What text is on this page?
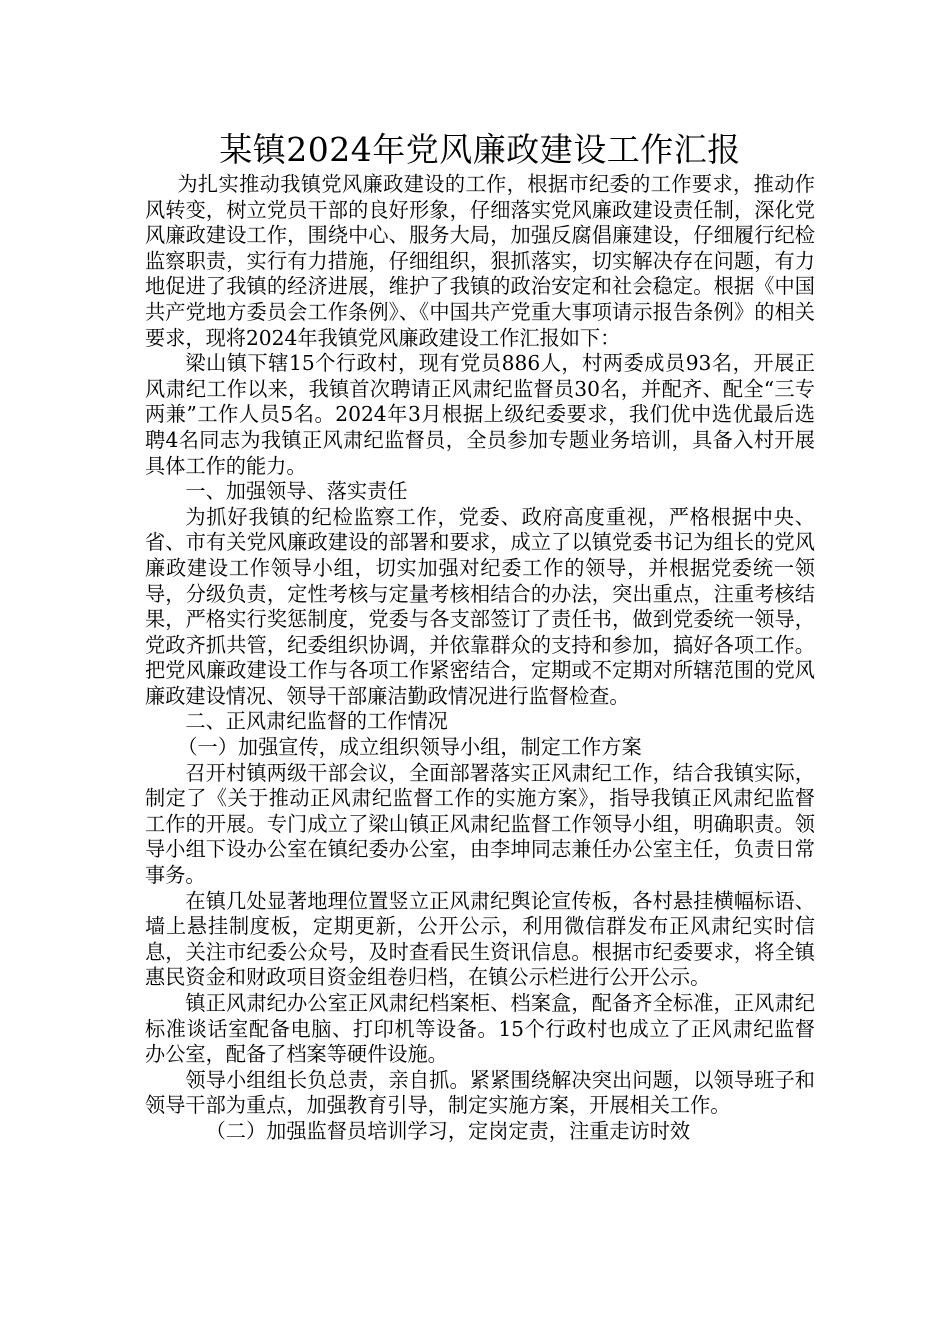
某镇2024年党风廉政建设工作汇报

为扎实推动我镇党风廉政建设的工作，根据市纪委的工作要求，推动作风转变，树立党员干部的良好形象，仔细落实党风廉政建设责任制，深化党风廉政建设工作，围绕中心、服务大局，加强反腐倡廉建设，仔细履行纪检监察职责，实行有力措施，仔细组织，狠抓落实，切实解决存在问题，有力地促进了我镇的经济进展，维护了我镇的政治安定和社会稳定。根据《中国共产党地方委员会工作条例》、《中国共产党重大事项请示报告条例》的相关要求，现将2024年我镇党风廉政建设工作汇报如下：

梁山镇下辖15个行政村，现有党员886人，村两委成员93名，开展正风肃纪工作以来，我镇首次聘请正风肃纪监督员30名，并配齐、配全“三专两兼”工作人员5名。2024年3月根据上级纪委要求，我们优中选优最后选聘4名同志为我镇正风肃纪监督员，全员参加专题业务培训，具备入村开展具体工作的能力。

一、加强领导、落实责任

为抓好我镇的纪检监察工作，党委、政府高度重视，严格根据中央、省、市有关党风廉政建设的部署和要求，成立了以镇党委书记为组长的党风廉政建设工作领导小组，切实加强对纪委工作的领导，并根据党委统一领导，分级负责，定性考核与定量考核相结合的办法，突出重点，注重考核结果，严格实行奖惩制度，党委与各支部签订了责任书，做到党委统一领导，党政齐抓共管，纪委组织协调，并依靠群众的支持和参加，搞好各项工作。把党风廉政建设工作与各项工作紧密结合，定期或不定期对所辖范围的党风廉政建设情况、领导干部廉洁勤政情况进行监督检查。

二、正风肃纪监督的工作情况

（一）加强宣传，成立组织领导小组，制定工作方案

召开村镇两级干部会议，全面部署落实正风肃纪工作，结合我镇实际，制定了《关于推动正风肃纪监督工作的实施方案》，指导我镇正风肃纪监督工作的开展。专门成立了梁山镇正风肃纪监督工作领导小组，明确职责。领导小组下设办公室在镇纪委办公室，由李坤同志兼任办公室主任，负责日常事务。

在镇几处显著地理位置竖立正风肃纪舆论宣传板，各村悬挂横幅标语、墙上悬挂制度板，定期更新，公开公示，利用微信群发布正风肃纪实时信息，关注市纪委公众号，及时查看民生资讯信息。根据市纪委要求，将全镇惠民资金和财政项目资金组卷归档，在镇公示栏进行公开公示。

镇正风肃纪办公室正风肃纪档案柜、档案盒，配备齐全标准，正风肃纪标准谈话室配备电脑、打印机等设备。15个行政村也成立了正风肃纪监督办公室，配备了档案等硬件设施。

领导小组组长负总责，亲自抓。紧紧围绕解决突出问题，以领导班子和领导干部为重点，加强教育引导，制定实施方案，开展相关工作。

（二）加强监督员培训学习，定岗定责，注重走访时效
